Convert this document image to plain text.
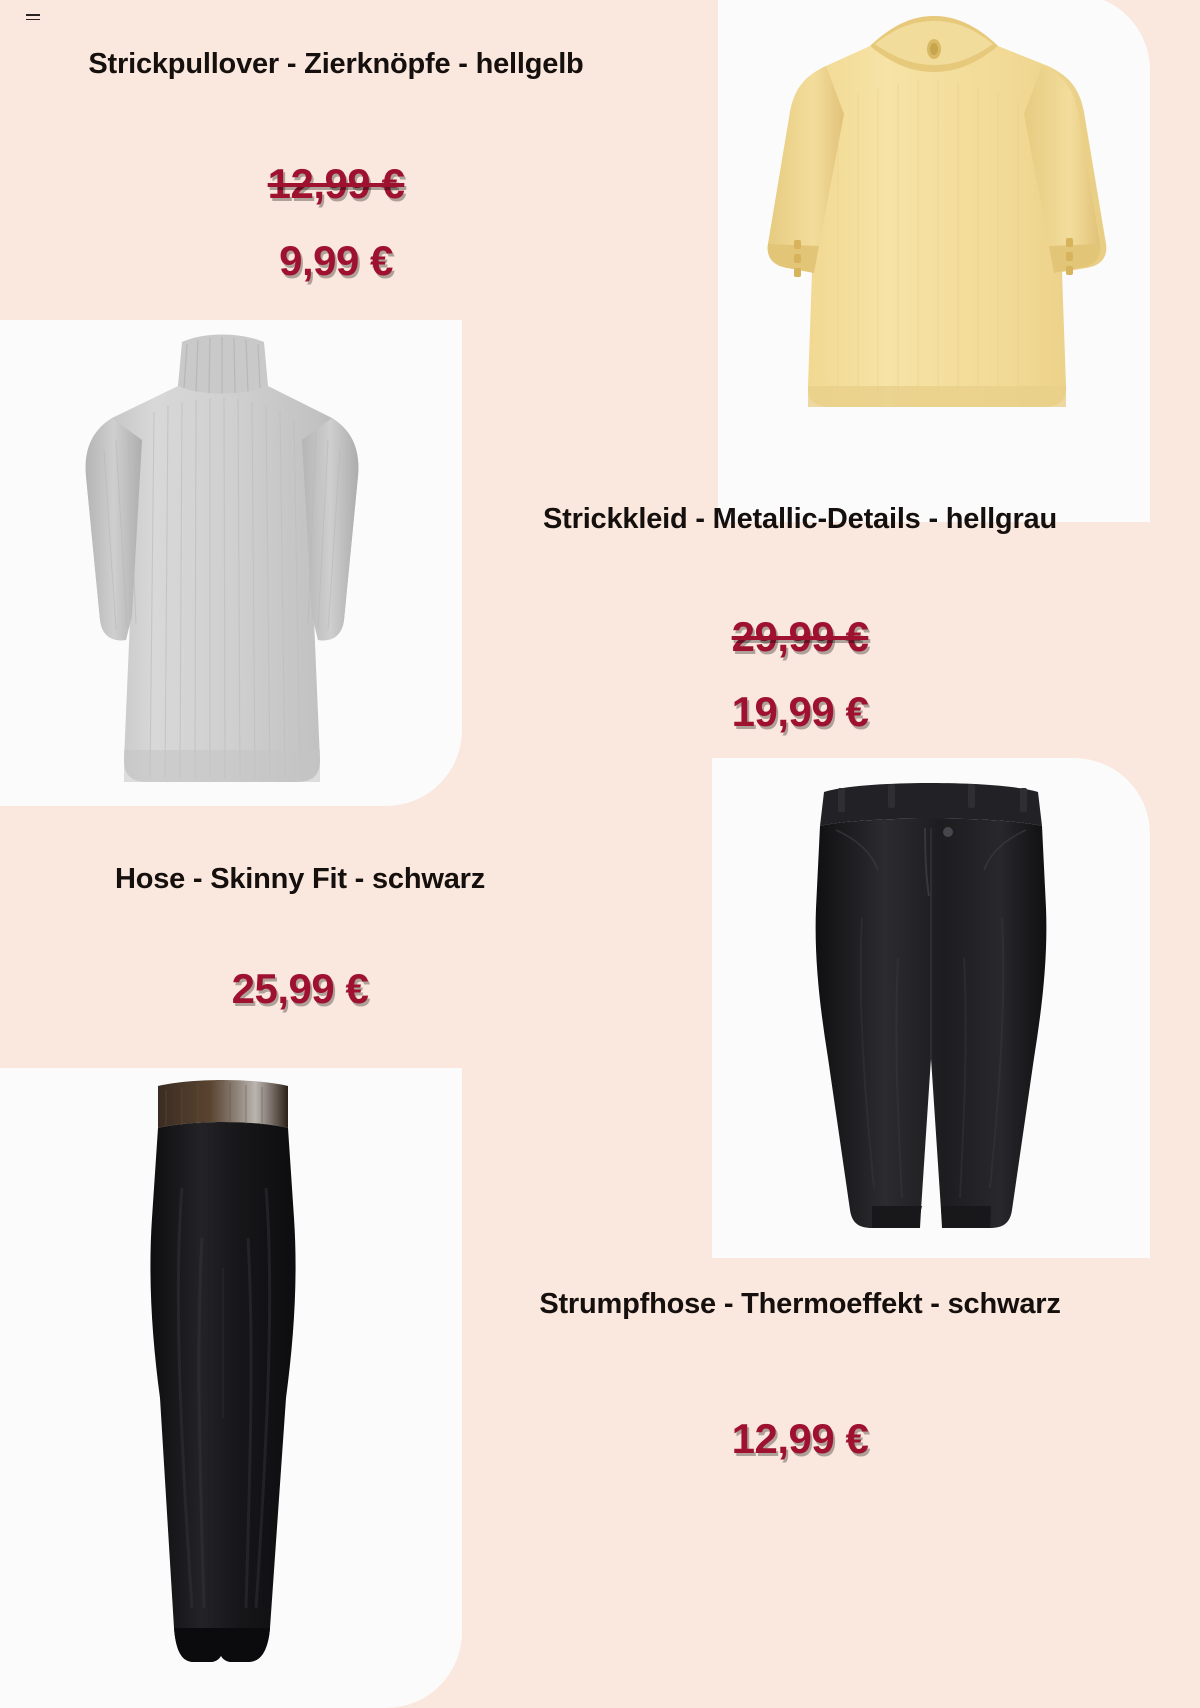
Strickpullover - Zierknöpfe - hellgelb
12,99 €
9,99 €
Strickkleid - Metallic-Details - hellgrau
29,99 €
19,99 €
Hose - Skinny Fit - schwarz
25,99 €
Strumpfhose - Thermoeffekt - schwarz
12,99 €
